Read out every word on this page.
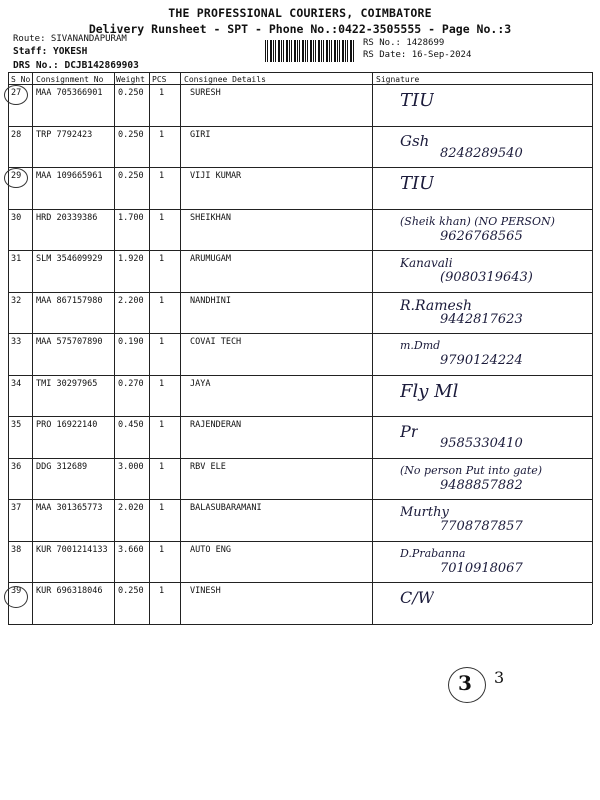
THE PROFESSIONAL COURIERS, COIMBATORE
Delivery Runsheet - SPT - Phone No.:0422-3505555 - Page No.:3
Route: SIVANANDAPURAM
Staff: YOKESH
DRS No.: DCJB142869903
RS No.: 1428699
RS Date: 16-Sep-2024
S No Consignment No Weight PCS Consignee Details	Signature
27 MAA 705366901 0.250 1	SURESH	TIU
28 TRP 7792423	0.250 1	GIRI	Gsh
8248289540
29 MAA 109665961 0.250 1	VIJI KUMAR	TIU
30 HRD 20339386 1.700 1	SHEIKHAN	(Sheik khan) (NO PERSON)
9626768565
31 SLM 354609929 1.920 1	ARUMUGAM	Kanavali
(9080319643)
32 MAA 867157980 2.200 1	NANDHINI	R.Ramesh
9442817623
33 MAA 575707890 0.190 1	COVAI TECH	m.Dmd
9790124224
34 TMI 30297965 0.270 1	JAYA	Fly Ml
35 PRO 16922140 0.450 1	RAJENDERAN	Pr
9585330410
36 DDG 312689	3.000 1	RBV ELE	(No person Put into gate)
9488857882
37 MAA 301365773 2.020 1	BALASUBARAMANI	Murthy
7708787857
38 KUR 7001214133 3.660 1	AUTO ENG	D.Prabanna
7010918067
39 KUR 696318046 0.250 1	VINESH	C/W
3 3
